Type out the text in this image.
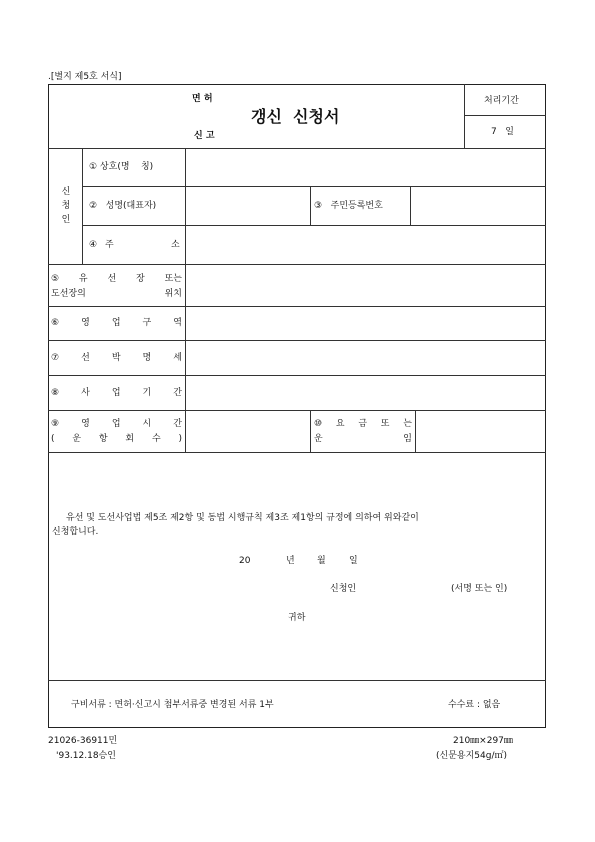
.[별지 제5호 서식]
면 허
신 고
갱신  신청서
처리기간
7   일
신
청
인
① 상호(명    칭)
②   성명(대표자)	③   주민등록번호
④ 주	소
⑤ 유 선 장 또는
도선장의	위치
⑥ 영 업 구 역
⑦ 선 박 명 세
⑧ 사 업 기 간
⑨ 영 업 시 간
( 운 항 회 수 )
⑩ 요 금 또 는
운	임
유선 및 도선사업법 제5조 제2항 및 동법 시행규칙 제3조 제1항의 규정에 의하여 위와같이
신청합니다.
20	년 월	일
신청인	(서명 또는 인)
귀하
구비서류 : 면허·신고시 첨부서류중 변경된 서류 1부	수수료 : 없음
21026-36911민
'93.12.18승인
210㎜×297㎜
(신문용지54g/㎡)
